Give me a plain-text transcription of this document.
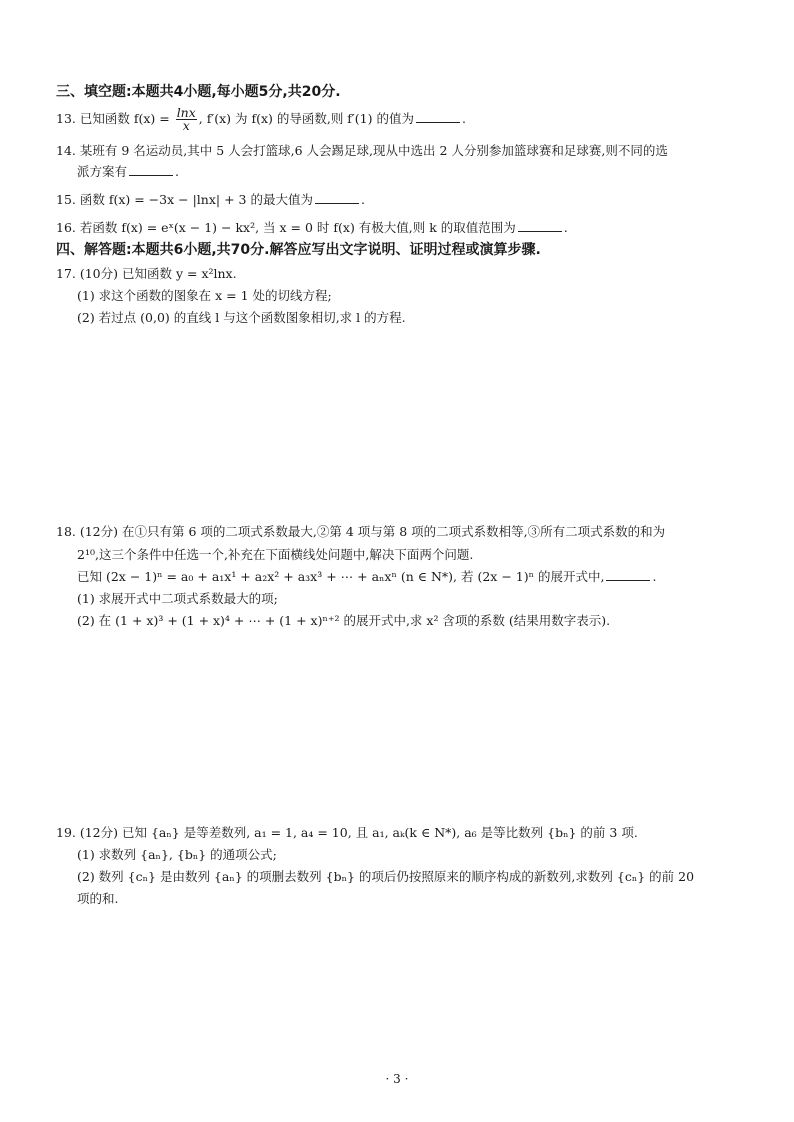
三、填空题:本题共4小题,每小题5分,共20分.
13. 已知函数 $f(x) = \frac{\ln x}{x}$ , f′(x) 为 f(x) 的导函数,则 f′(1) 的值为	.
14. 某班有 9 名运动员,其中 5 人会打篮球,6 人会踢足球,现从中选出 2 人分别参加篮球赛和足球赛,则不同的选
派方案有	.
15. 函数 f(x) = −3x − |lnx| + 3 的最大值为	.
16. 若函数 f(x) = eˣ(x − 1) − kx², 当 x = 0 时 f(x) 有极大值,则 k 的取值范围为	.
四、解答题:本题共6小题,共70分.解答应写出文字说明、证明过程或演算步骤.
17. (10分) 已知函数 y = x²lnx.
(1) 求这个函数的图象在 x = 1 处的切线方程;
(2) 若过点 (0,0) 的直线 l 与这个函数图象相切,求 l 的方程.
18. (12分) 在①只有第 6 项的二项式系数最大,②第 4 项与第 8 项的二项式系数相等,③所有二项式系数的和为
2¹⁰,这三个条件中任选一个,补充在下面横线处问题中,解决下面两个问题.
已知 (2x − 1)ⁿ = a₀ + a₁x¹ + a₂x² + a₃x³ + ⋯ + aₙxⁿ (n ∈ N*), 若 (2x − 1)ⁿ 的展开式中,	.
(1) 求展开式中二项式系数最大的项;
(2) 在 (1 + x)³ + (1 + x)⁴ + ⋯ + (1 + x)ⁿ⁺² 的展开式中,求 x² 含项的系数 (结果用数字表示).
19. (12分) 已知 {aₙ} 是等差数列, a₁ = 1, a₄ = 10, 且 a₁, aₖ(k ∈ N*), a₆ 是等比数列 {bₙ} 的前 3 项.
(1) 求数列 {aₙ}, {bₙ} 的通项公式;
(2) 数列 {cₙ} 是由数列 {aₙ} 的项删去数列 {bₙ} 的项后仍按照原来的顺序构成的新数列,求数列 {cₙ} 的前 20
项的和.
· 3 ·
